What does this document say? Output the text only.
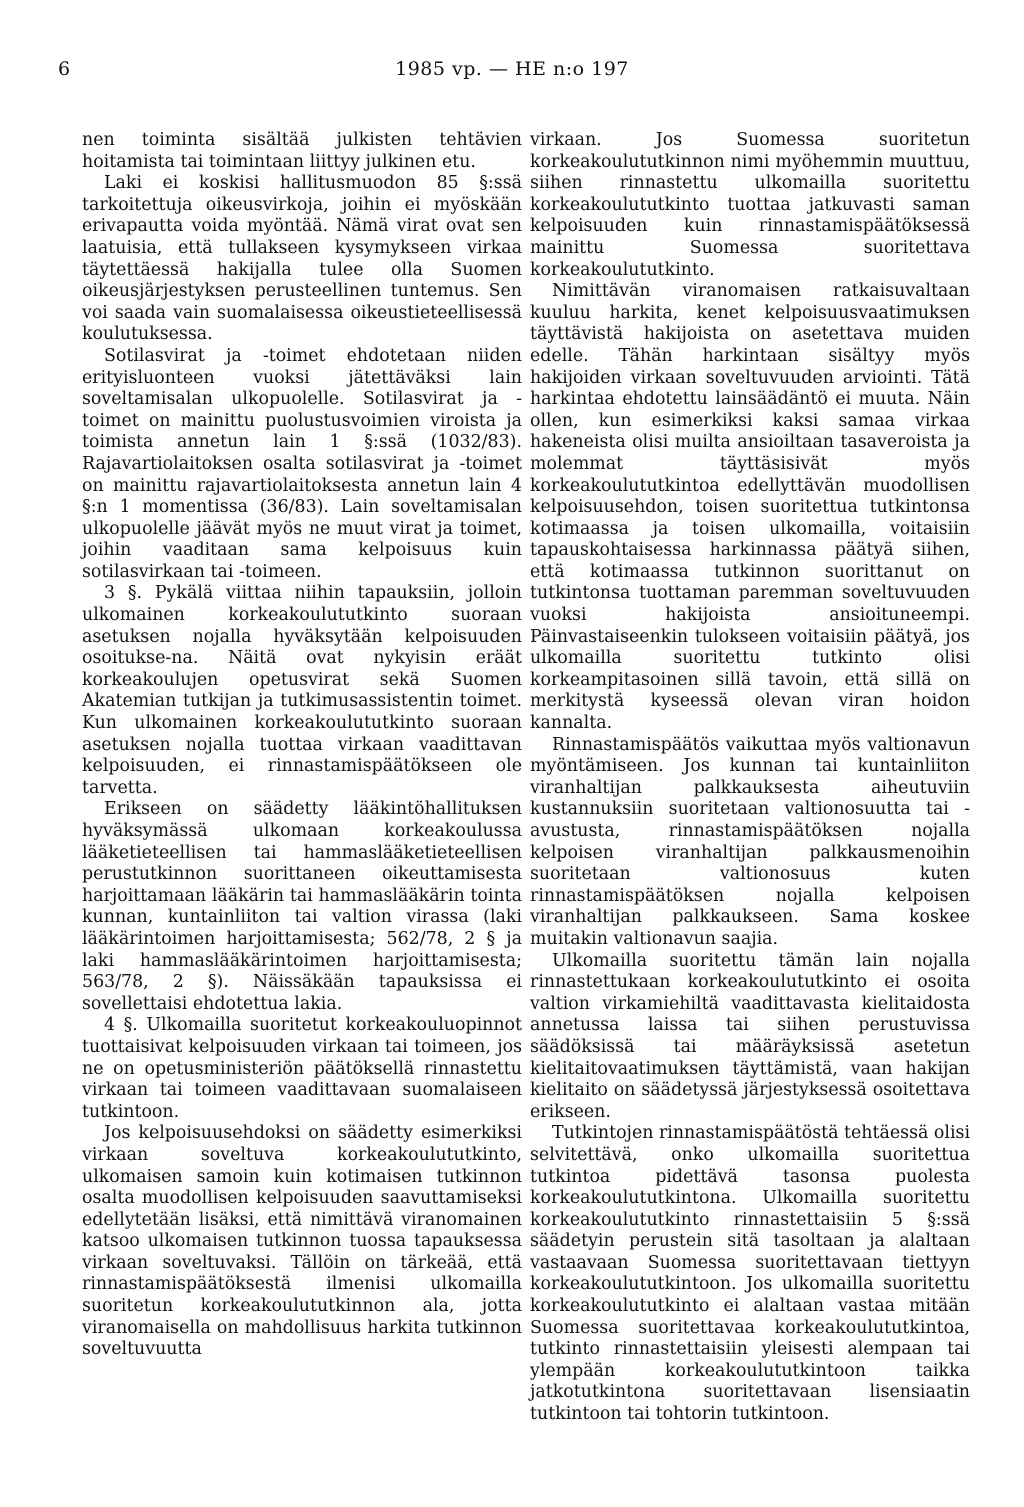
6	1985 vp. — HE n:o 197

nen toiminta sisältää julkisten tehtävien hoitamista tai toimintaan liittyy julkinen etu.

Laki ei koskisi hallitusmuodon 85 §:ssä tarkoitettuja oikeusvirkoja, joihin ei myöskään erivapautta voida myöntää. Nämä virat ovat sen laatuisia, että tullakseen kysymykseen virkaa täytettäessä hakijalla tulee olla Suomen oikeusjärjestyksen perusteellinen tuntemus. Sen voi saada vain suomalaisessa oikeustieteellisessä koulutuksessa.

Sotilasvirat ja -toimet ehdotetaan niiden erityisluonteen vuoksi jätettäväksi lain soveltamisalan ulkopuolelle. Sotilasvirat ja -toimet on mainittu puolustusvoimien viroista ja toimista annetun lain 1 §:ssä (1032/83). Rajavartiolaitoksen osalta sotilasvirat ja -toimet on mainittu rajavartiolaitoksesta annetun lain 4 §:n 1 momentissa (36/83). Lain soveltamisalan ulkopuolelle jäävät myös ne muut virat ja toimet, joihin vaaditaan sama kelpoisuus kuin sotilasvirkaan tai -toimeen.

3 §. Pykälä viittaa niihin tapauksiin, jolloin ulkomainen korkeakoulututkinto suoraan asetuksen nojalla hyväksytään kelpoisuuden osoitukse-na. Näitä ovat nykyisin eräät korkeakoulujen opetusvirat sekä Suomen Akatemian tutkijan ja tutkimusassistentin toimet. Kun ulkomainen korkeakoulututkinto suoraan asetuksen nojalla tuottaa virkaan vaadittavan kelpoisuuden, ei rinnastamispäätökseen ole tarvetta.

Erikseen on säädetty lääkintöhallituksen hyväksymässä ulkomaan korkeakoulussa lääketieteellisen tai hammaslääketieteellisen perustutkinnon suorittaneen oikeuttamisesta harjoittamaan lääkärin tai hammaslääkärin tointa kunnan, kuntainliiton tai valtion virassa (laki lääkärintoimen harjoittamisesta; 562/78, 2 § ja laki hammaslääkärintoimen harjoittamisesta; 563/78, 2 §). Näissäkään tapauksissa ei sovellettaisi ehdotettua lakia.

4 §. Ulkomailla suoritetut korkeakouluopinnot tuottaisivat kelpoisuuden virkaan tai toimeen, jos ne on opetusministeriön päätöksellä rinnastettu virkaan tai toimeen vaadittavaan suomalaiseen tutkintoon.

Jos kelpoisuusehdoksi on säädetty esimerkiksi virkaan soveltuva korkeakoulututkinto, ulkomaisen samoin kuin kotimaisen tutkinnon osalta muodollisen kelpoisuuden saavuttamiseksi edellytetään lisäksi, että nimittävä viranomainen katsoo ulkomaisen tutkinnon tuossa tapauksessa virkaan soveltuvaksi. Tällöin on tärkeää, että rinnastamispäätöksestä ilmenisi ulkomailla suoritetun korkeakoulututkinnon ala, jotta viranomaisella on mahdollisuus harkita tutkinnon soveltuvuutta

virkaan. Jos Suomessa suoritetun korkeakoulututkinnon nimi myöhemmin muuttuu, siihen rinnastettu ulkomailla suoritettu korkeakoulututkinto tuottaa jatkuvasti saman kelpoisuuden kuin rinnastamispäätöksessä mainittu Suomessa suoritettava korkeakoulututkinto.

Nimittävän viranomaisen ratkaisuvaltaan kuuluu harkita, kenet kelpoisuusvaatimuksen täyttävistä hakijoista on asetettava muiden edelle. Tähän harkintaan sisältyy myös hakijoiden virkaan soveltuvuuden arviointi. Tätä harkintaa ehdotettu lainsäädäntö ei muuta. Näin ollen, kun esimerkiksi kaksi samaa virkaa hakeneista olisi muilta ansioiltaan tasaveroista ja molemmat täyttäsisivät myös korkeakoulututkintoa edellyttävän muodollisen kelpoisuusehdon, toisen suoritettua tutkintonsa kotimaassa ja toisen ulkomailla, voitaisiin tapauskohtaisessa harkinnassa päätyä siihen, että kotimaassa tutkinnon suorittanut on tutkintonsa tuottaman paremman soveltuvuuden vuoksi hakijoista ansioituneempi. Päinvastaiseenkin tulokseen voitaisiin päätyä, jos ulkomailla suoritettu tutkinto olisi korkeampitasoinen sillä tavoin, että sillä on merkitystä kyseessä olevan viran hoidon kannalta.

Rinnastamispäätös vaikuttaa myös valtionavun myöntämiseen. Jos kunnan tai kuntainliiton viranhaltijan palkkauksesta aiheutuviin kustannuksiin suoritetaan valtionosuutta tai -avustusta, rinnastamispäätöksen nojalla kelpoisen viranhaltijan palkkausmenoihin suoritetaan valtionosuus kuten rinnastamispäätöksen nojalla kelpoisen viranhaltijan palkkaukseen. Sama koskee muitakin valtionavun saajia.

Ulkomailla suoritettu tämän lain nojalla rinnastettukaan korkeakoulututkinto ei osoita valtion virkamiehiltä vaadittavasta kielitaidosta annetussa laissa tai siihen perustuvissa säädöksissä tai määräyksissä asetetun kielitaitovaatimuksen täyttämistä, vaan hakijan kielitaito on säädetyssä järjestyksessä osoitettava erikseen.

Tutkintojen rinnastamispäätöstä tehtäessä olisi selvitettävä, onko ulkomailla suoritettua tutkintoa pidettävä tasonsa puolesta korkeakoulututkintona. Ulkomailla suoritettu korkeakoulututkinto rinnastettaisiin 5 §:ssä säädetyin perustein sitä tasoltaan ja alaltaan vastaavaan Suomessa suoritettavaan tiettyyn korkeakoulututkintoon. Jos ulkomailla suoritettu korkeakoulututkinto ei alaltaan vastaa mitään Suomessa suoritettavaa korkeakoulututkintoa, tutkinto rinnastettaisiin yleisesti alempaan tai ylempään korkeakoulututkintoon taikka jatkotutkintona suoritettavaan lisensiaatin tutkintoon tai tohtorin tutkintoon.
